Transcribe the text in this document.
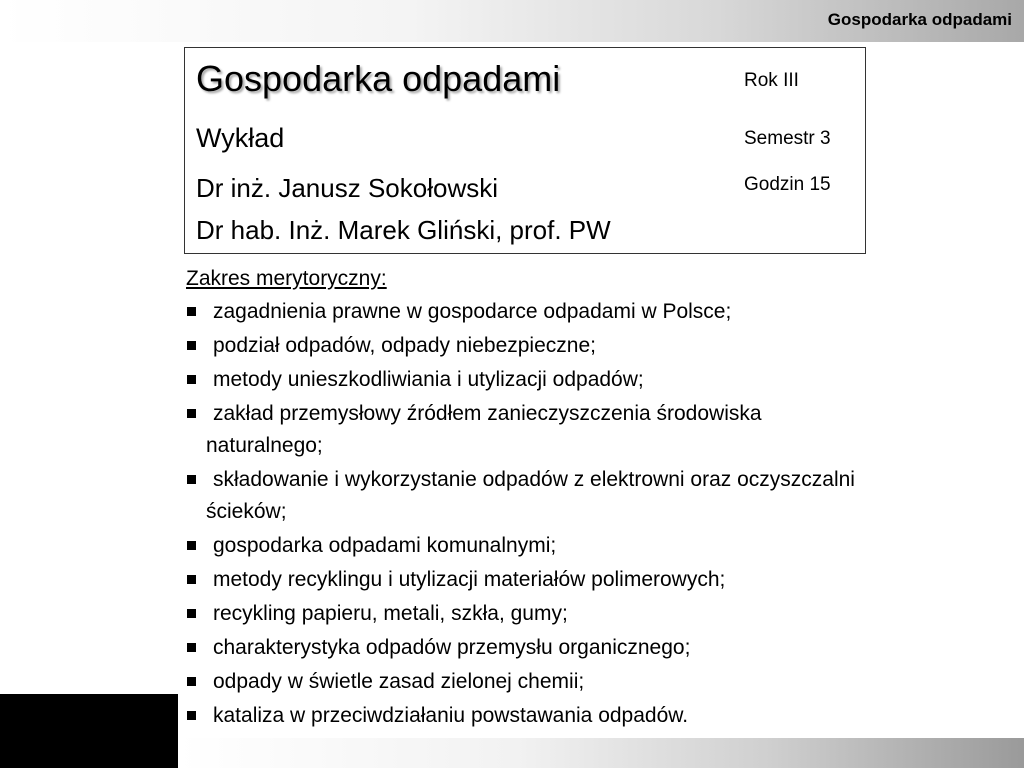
Gospodarka odpadami
Gospodarka odpadami
Wykład
Dr inż. Janusz Sokołowski
Dr hab. Inż. Marek Gliński, prof. PW
Rok III
Semestr 3
Godzin 15
Zakres merytoryczny:
zagadnienia prawne w gospodarce odpadami w Polsce;
podział odpadów, odpady niebezpieczne;
metody unieszkodliwiania i utylizacji odpadów;
zakład przemysłowy źródłem zanieczyszczenia środowiska
naturalnego;
składowanie i wykorzystanie odpadów z elektrowni oraz oczyszczalni
ścieków;
gospodarka odpadami komunalnymi;
metody recyklingu i utylizacji materiałów polimerowych;
recykling papieru, metali, szkła, gumy;
charakterystyka odpadów przemysłu organicznego;
odpady w świetle zasad zielonej chemii;
kataliza w przeciwdziałaniu powstawania odpadów.
